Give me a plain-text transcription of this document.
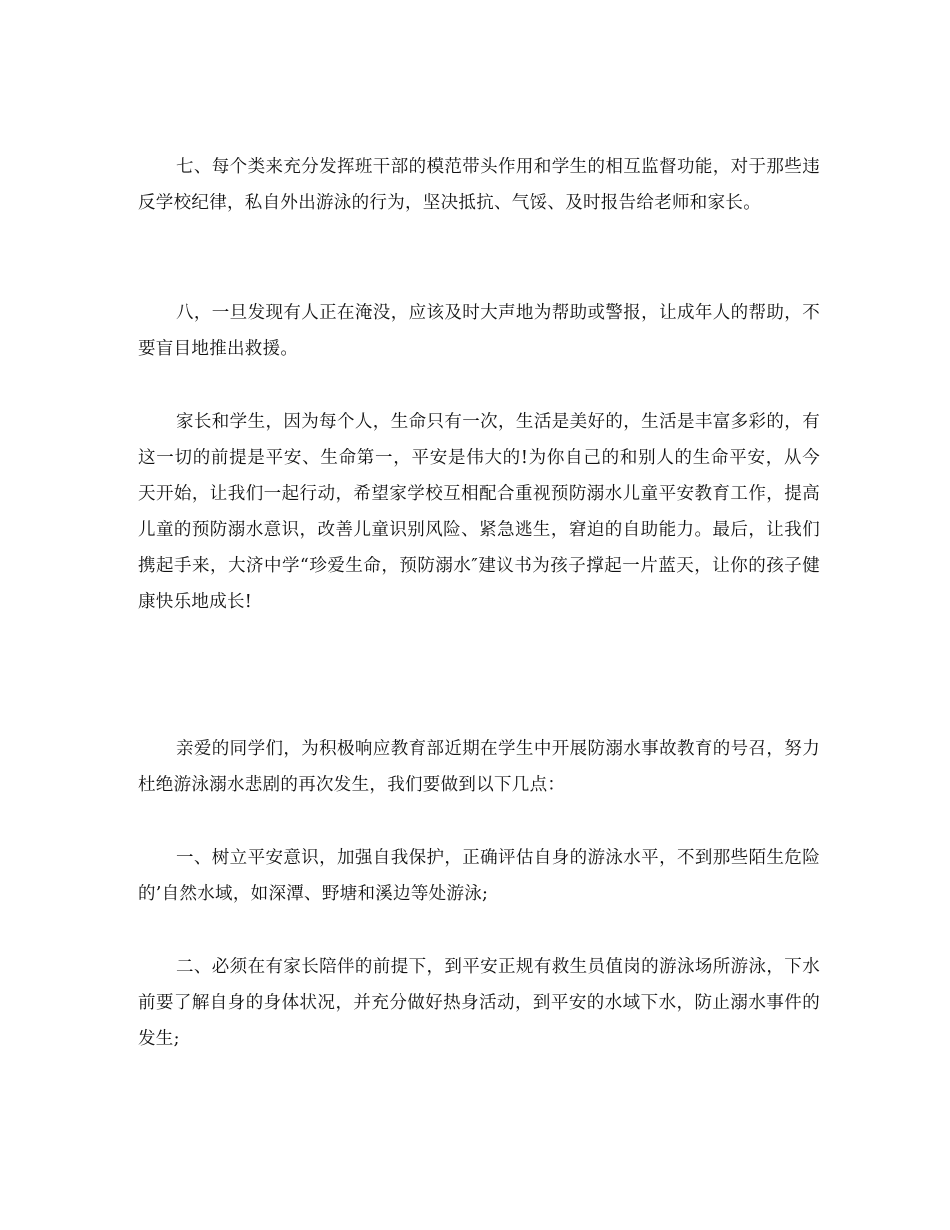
七、每个类来充分发挥班干部的模范带头作用和学生的相互监督功能，对于那些违反学校纪律，私自外出游泳的行为，坚决抵抗、气馁、及时报告给老师和家长。

八，一旦发现有人正在淹没，应该及时大声地为帮助或警报，让成年人的帮助，不要盲目地推出救援。

家长和学生，因为每个人，生命只有一次，生活是美好的，生活是丰富多彩的，有这一切的前提是平安、生命第一，平安是伟大的!为你自己的和别人的生命平安，从今天开始，让我们一起行动，希望家学校互相配合重视预防溺水儿童平安教育工作，提高儿童的预防溺水意识，改善儿童识别风险、紧急逃生，窘迫的自助能力。最后，让我们携起手来，大济中学“珍爱生命，预防溺水″建议书为孩子撑起一片蓝天，让你的孩子健康快乐地成长!

亲爱的同学们，为积极响应教育部近期在学生中开展防溺水事故教育的号召，努力杜绝游泳溺水悲剧的再次发生，我们要做到以下几点：

一、树立平安意识，加强自我保护，正确评估自身的游泳水平，不到那些陌生危险的’自然水域，如深潭、野塘和溪边等处游泳;

二、必须在有家长陪伴的前提下，到平安正规有救生员值岗的游泳场所游泳，下水前要了解自身的身体状况，并充分做好热身活动，到平安的水域下水，防止溺水事件的发生;
